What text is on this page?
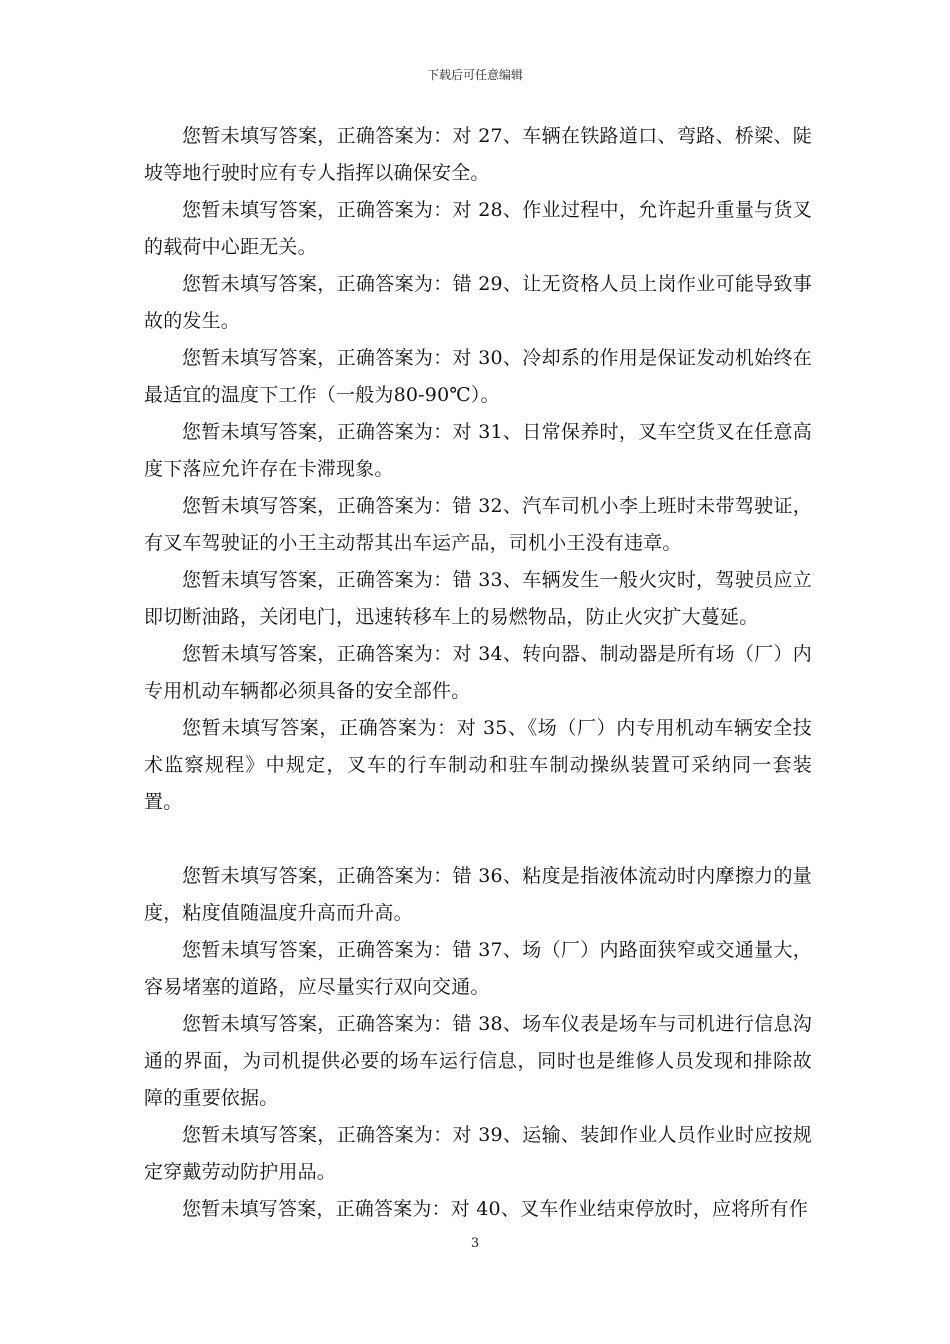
下载后可任意编辑

您暂未填写答案，正确答案为：对 27、车辆在铁路道口、弯路、桥梁、陡坡等地行驶时应有专人指挥以确保安全。

您暂未填写答案，正确答案为：对 28、作业过程中，允许起升重量与货叉的载荷中心距无关。

您暂未填写答案，正确答案为：错 29、让无资格人员上岗作业可能导致事故的发生。

您暂未填写答案，正确答案为：对 30、冷却系的作用是保证发动机始终在最适宜的温度下工作（一般为80-90℃）。

您暂未填写答案，正确答案为：对 31、日常保养时，叉车空货叉在任意高度下落应允许存在卡滞现象。

您暂未填写答案，正确答案为：错 32、汽车司机小李上班时未带驾驶证，有叉车驾驶证的小王主动帮其出车运产品，司机小王没有违章。

您暂未填写答案，正确答案为：错 33、车辆发生一般火灾时，驾驶员应立即切断油路，关闭电门，迅速转移车上的易燃物品，防止火灾扩大蔓延。

您暂未填写答案，正确答案为：对 34、转向器、制动器是所有场（厂）内专用机动车辆都必须具备的安全部件。

您暂未填写答案，正确答案为：对 35、《场（厂）内专用机动车辆安全技术监察规程》中规定，叉车的行车制动和驻车制动操纵装置可采纳同一套装置。

您暂未填写答案，正确答案为：错 36、粘度是指液体流动时内摩擦力的量度，粘度值随温度升高而升高。

您暂未填写答案，正确答案为：错 37、场（厂）内路面狭窄或交通量大，容易堵塞的道路，应尽量实行双向交通。

您暂未填写答案，正确答案为：错 38、场车仪表是场车与司机进行信息沟通的界面，为司机提供必要的场车运行信息，同时也是维修人员发现和排除故障的重要依据。

您暂未填写答案，正确答案为：对 39、运输、装卸作业人员作业时应按规定穿戴劳动防护用品。

您暂未填写答案，正确答案为：对 40、叉车作业结束停放时，应将所有作

3
